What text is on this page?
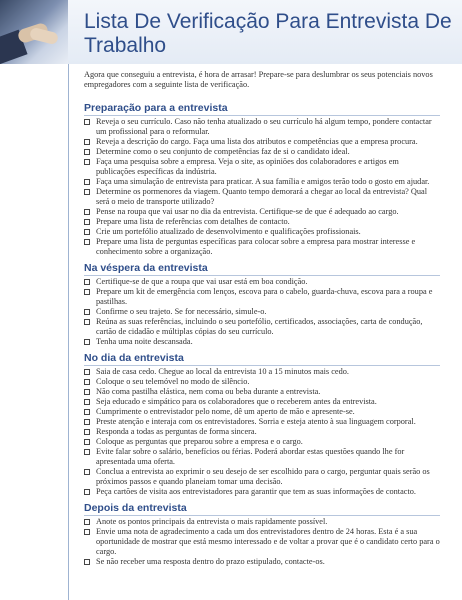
Lista De Verificação Para Entrevista De Trabalho

Agora que conseguiu a entrevista, é hora de arrasar! Prepare-se para deslumbrar os seus potenciais novos empregadores com a seguinte lista de verificação.

Preparação para a entrevista
Reveja o seu currículo. Caso não tenha atualizado o seu currículo há algum tempo, pondere contactar um profissional para o reformular.
Reveja a descrição do cargo. Faça uma lista dos atributos e competências que a empresa procura.
Determine como o seu conjunto de competências faz de si o candidato ideal.
Faça uma pesquisa sobre a empresa. Veja o site, as opiniões dos colaboradores e artigos em publicações específicas da indústria.
Faça uma simulação de entrevista para praticar. A sua família e amigos terão todo o gosto em ajudar.
Determine os pormenores da viagem. Quanto tempo demorará a chegar ao local da entrevista? Qual será o meio de transporte utilizado?
Pense na roupa que vai usar no dia da entrevista. Certifique-se de que é adequado ao cargo.
Prepare uma lista de referências com detalhes de contacto.
Crie um portefólio atualizado de desenvolvimento e qualificações profissionais.
Prepare uma lista de perguntas específicas para colocar sobre a empresa para mostrar interesse e conhecimento sobre a organização.
Na véspera da entrevista
Certifique-se de que a roupa que vai usar está em boa condição.
Prepare um kit de emergência com lenços, escova para o cabelo, guarda-chuva, escova para a roupa e pastilhas.
Confirme o seu trajeto. Se for necessário, simule-o.
Reúna as suas referências, incluindo o seu portefólio, certificados, associações, carta de condução, cartão de cidadão e múltiplas cópias do seu currículo.
Tenha uma noite descansada.
No dia da entrevista
Saia de casa cedo. Chegue ao local da entrevista 10 a 15 minutos mais cedo.
Coloque o seu telemóvel no modo de silêncio.
Não coma pastilha elástica, nem coma ou beba durante a entrevista.
Seja educado e simpático para os colaboradores que o receberem antes da entrevista.
Cumprimente o entrevistador pelo nome, dê um aperto de mão e apresente-se.
Preste atenção e interaja com os entrevistadores. Sorria e esteja atento à sua linguagem corporal.
Responda a todas as perguntas de forma sincera.
Coloque as perguntas que preparou sobre a empresa e o cargo.
Evite falar sobre o salário, benefícios ou férias. Poderá abordar estas questões quando lhe for apresentada uma oferta.
Conclua a entrevista ao exprimir o seu desejo de ser escolhido para o cargo, perguntar quais serão os próximos passos e quando planeiam tomar uma decisão.
Peça cartões de visita aos entrevistadores para garantir que tem as suas informações de contacto.
Depois da entrevista
Anote os pontos principais da entrevista o mais rapidamente possível.
Envie uma nota de agradecimento a cada um dos entrevistadores dentro de 24 horas. Esta é a sua oportunidade de mostrar que está mesmo interessado e de voltar a provar que é o candidato certo para o cargo.
Se não receber uma resposta dentro do prazo estipulado, contacte-os.
